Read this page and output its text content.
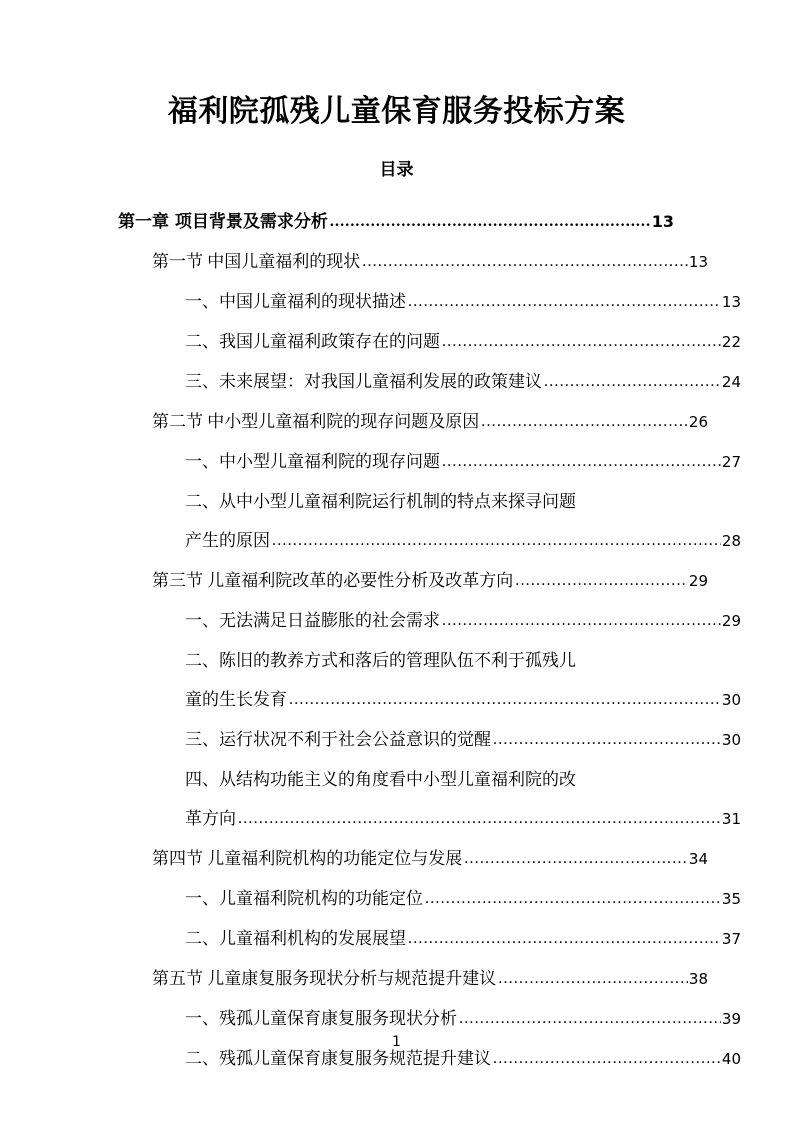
福利院孤残儿童保育服务投标方案
目录
第一章 项目背景及需求分析 .....	13
第一节 中国儿童福利的现状 .....	13
一、中国儿童福利的现状描述 .....	13
二、我国儿童福利政策存在的问题 .....	22
三、未来展望：对我国儿童福利发展的政策建议 .....	24
第二节 中小型儿童福利院的现存问题及原因 .....	26
一、中小型儿童福利院的现存问题 .....	27
二、从中小型儿童福利院运行机制的特点来探寻问题
产生的原因 .....	28
第三节 儿童福利院改革的必要性分析及改革方向 .....	29
一、无法满足日益膨胀的社会需求 .....	29
二、陈旧的教养方式和落后的管理队伍不利于孤残儿
童的生长发育 .....	30
三、运行状况不利于社会公益意识的觉醒 .....	30
四、从结构功能主义的角度看中小型儿童福利院的改
革方向 .....	31
第四节 儿童福利院机构的功能定位与发展 .....	34
一、儿童福利院机构的功能定位 .....	35
二、儿童福利机构的发展展望 .....	37
第五节 儿童康复服务现状分析与规范提升建议 .....	38
一、残孤儿童保育康复服务现状分析 .....	39
二、残孤儿童保育康复服务规范提升建议 .....	40
1
